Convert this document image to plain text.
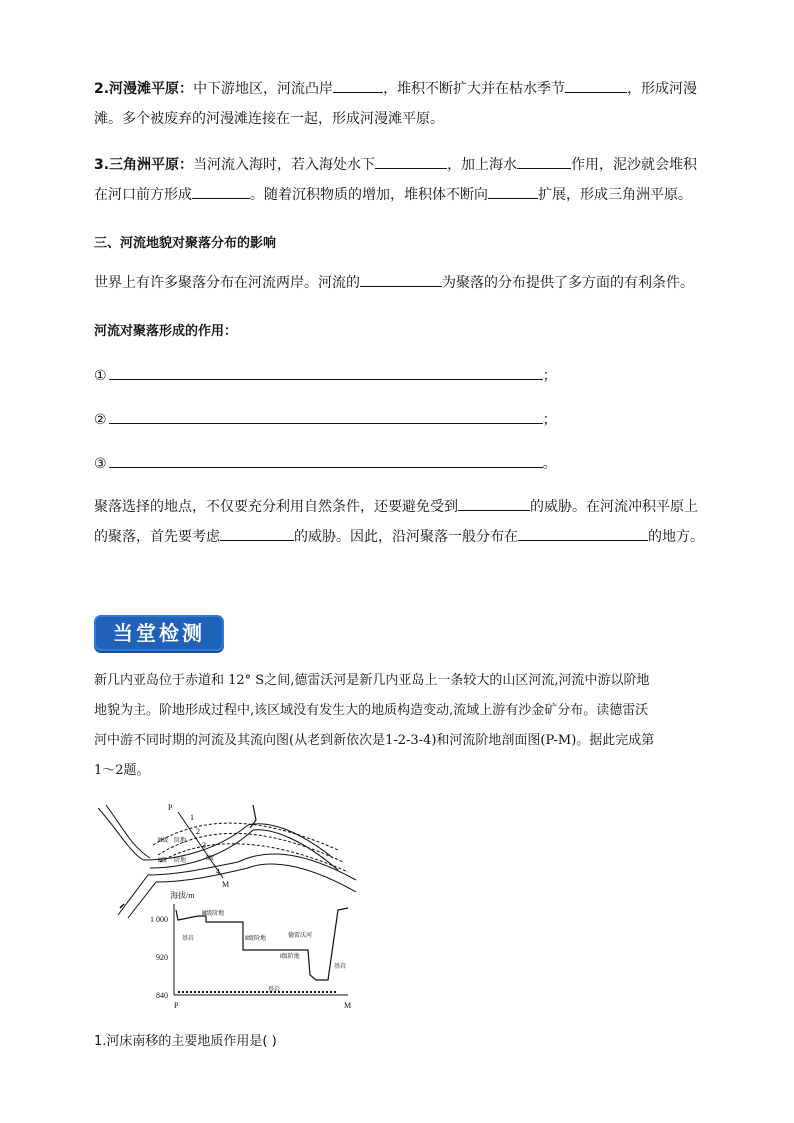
2.河漫滩平原：中下游地区，河流凸岸	，堆积不断扩大并在枯水季节	，形成河漫
滩。多个被废弃的河漫滩连接在一起，形成河漫滩平原。
3.三角洲平原：当河流入海时，若入海处水下	，加上海水	作用，泥沙就会堆积
在河口前方形成	。随着沉积物质的增加，堆积体不断向	扩展，形成三角洲平原。
三、河流地貌对聚落分布的影响
世界上有许多聚落分布在河流两岸。河流的	为聚落的分布提供了多方面的有利条件。
河流对聚落形成的作用：
①	；
②	；
③	。
聚落选择的地点，不仅要充分利用自然条件，还要避免受到	的威胁。在河流冲积平原上
的聚落，首先要考虑	的威胁。因此，沿河聚落一般分布在	的地方。
当堂检测
新几内亚岛位于赤道和 12° S之间,德雷沃河是新几内亚岛上一条较大的山区河流,河流中游以阶地
地貌为主。阶地形成过程中,该区域没有发生大的地质构造变动,流域上游有沙金矿分布。读德雷沃
河中游不同时期的河流及其流向图(从老到新依次是1-2-3-4)和河流阶地剖面图(P-M)。据此完成第
1～2题。
P
M
1
2
3
4
Ⅲ级 阶地
Ⅱ级 阶地	Ⅰ级
海拔/m
1 000
920
840
Ⅲ级阶地
Ⅱ级阶地
Ⅰ级阶地
德雷沃河
基岩
基岩
基岩
P	M
1.河床南移的主要地质作用是( )
